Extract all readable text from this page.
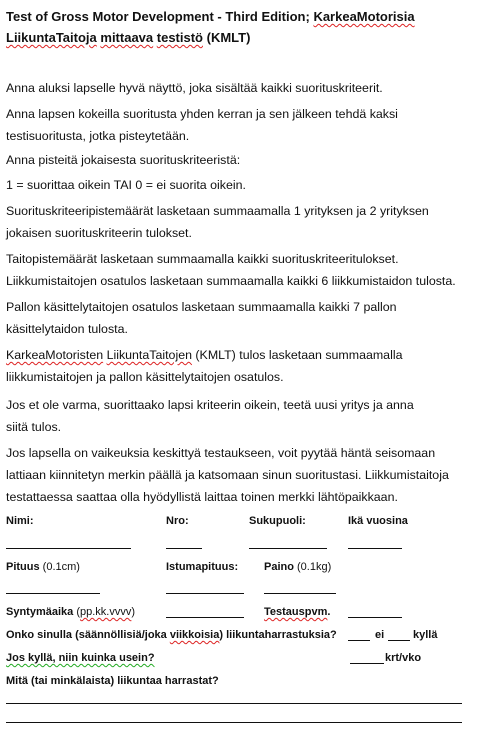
Test of Gross Motor Development - Third Edition; KarkeaMotorisia
LiikuntaTaitoja mittaava testistö (KMLT)
Anna aluksi lapselle hyvä näyttö, joka sisältää kaikki suorituskriteerit.
Anna lapsen kokeilla suoritusta yhden kerran ja sen jälkeen tehdä kaksi
testisuoritusta, jotka pisteytetään.
Anna pisteitä jokaisesta suorituskriteeristä:
1 = suorittaa oikein TAI 0 = ei suorita oikein.
Suorituskriteeripistemäärät lasketaan summaamalla 1 yrityksen ja 2 yrityksen
jokaisen suorituskriteerin tulokset.
Taitopistemäärät lasketaan summaamalla kaikki suorituskriteeritulokset.
Liikkumistaitojen osatulos lasketaan summaamalla kaikki 6 liikkumistaidon tulosta.
Pallon käsittelytaitojen osatulos lasketaan summaamalla kaikki 7 pallon
käsittelytaidon tulosta.
KarkeaMotoristen LiikuntaTaitojen (KMLT) tulos lasketaan summaamalla
liikkumistaitojen ja pallon käsittelytaitojen osatulos.
Jos et ole varma, suorittaako lapsi kriteerin oikein, teetä uusi yritys ja anna
siitä tulos.
Jos lapsella on vaikeuksia keskittyä testaukseen, voit pyytää häntä seisomaan
lattiaan kiinnitetyn merkin päällä ja katsomaan sinun suoritustasi. Liikkumistaitoja
testattaessa saattaa olla hyödyllistä laittaa toinen merkki lähtöpaikkaan.
Nimi:	Nro:	Sukupuoli:	Ikä vuosina
Pituus (0.1cm)	Istumapituus: Paino (0.1kg)
Syntymäaika (pp.kk.vvvv)	Testauspvm.
Onko sinulla (säännöllisiä/joka viikkoisia) liikuntaharrastuksia?	ei	kyllä
Jos kyllä, niin kuinka usein?	krt/vko
Mitä (tai minkälaista) liikuntaa harrastat?
